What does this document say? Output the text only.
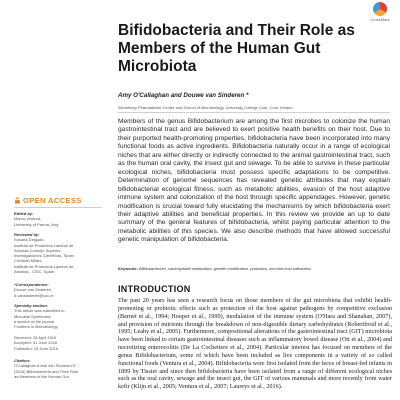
CrossMark
Bifidobacteria and Their Role as Members of the Human Gut Microbiota

Amy O'Callaghan and Douwe van Sinderen *

Alimentary Pharmabiotic Centre and School of Microbiology, University College Cork, Cork, Ireland

Members of the genus Bifidobacterium are among the first microbes to colonize the human gastrointestinal tract and are believed to exert positive health benefits on their host. Due to their purported health-promoting properties, bifidobacteria have been incorporated into many functional foods as active ingredients. Bifidobacteria naturally occur in a range of ecological niches that are either directly or indirectly connected to the animal gastrointestinal tract, such as the human oral cavity, the insect gut and sewage. To be able to survive in these particular ecological niches, bifidobacteria must possess specific adaptations to be competitive. Determination of genome sequences has revealed genetic attributes that may explain bifidobacterial ecological fitness, such as metabolic abilities, evasion of the host adaptive immune system and colonization of the host through specific appendages. However, genetic modification is crucial toward fully elucidating the mechanisms by which bifidobacteria exert their adaptive abilities and beneficial properties. In this review we provide an up to date summary of the general features of bifidobacteria, whilst paying particular attention to the metabolic abilities of this species. We also describe methods that have allowed successful genetic manipulation of bifidobacteria.

Keywords: Bifidobacterium, carbohydrate metabolism, genetic modification, probiotics, microbe-host interaction

OPEN ACCESS

Edited by:
Marco Ventura,
University of Parma, Italy
Reviewed by:
Susana Delgado,
Instituto de Productos Lácteos de
Asturias-Consejo Superior
Investigaciones Científicas, Spain
Christian Milani,
Instituto de Productos Lácteos de
Asturias - CSIC, Spain
*Correspondence:
Douwe van Sinderen
d.vansinderen@ucc.ie
Specialty section:
This article was submitted to
Microbial Symbioses,
a section of the journal
Frontiers in Microbiology
Received: 25 April 2016
Accepted: 01 June 2016
Published: 15 June 2016
Citation:
O'Callaghan A and van Sinderen D
(2016) Bifidobacteria and Their Role
as Members of the Human Gut
INTRODUCTION

The past 20 years has seen a research focus on those members of the gut microbiota that exhibit health-promoting or probiotic effects such as protection of the host against pathogens by competitive exclusion (Bernet et al., 1994; Hooper et al., 1999), modulation of the immune system (O'Hara and Shanahan, 2007), and provision of nutrients through the breakdown of non-digestible dietary carbohydrates (Robertfroid et al., 1995; Leahy et al., 2005). Furthermore, compositional alterations of the gastrointestinal tract (GIT) microbiota have been linked to certain gastrointestinal diseases such as inflammatory bowel disease (Ott et al., 2004) and necrotizing enterocolitis (De La Cochetiere et al., 2004). Particular interest has focused on members of the genus Bifidobacterium, some of which have been included as live components in a variety of so called functional foods (Ventura et al., 2004). Bifidobacteria were first isolated from the feces of breast-fed infants in 1899 by Tissier and since then bifidobacteria have been isolated from a range of different ecological niches such as the oral cavity, sewage and the insect gut, the GIT of various mammals and more recently from water kefir (Klijn et al., 2005; Ventura et al., 2007; Laureys et al., 2016).
